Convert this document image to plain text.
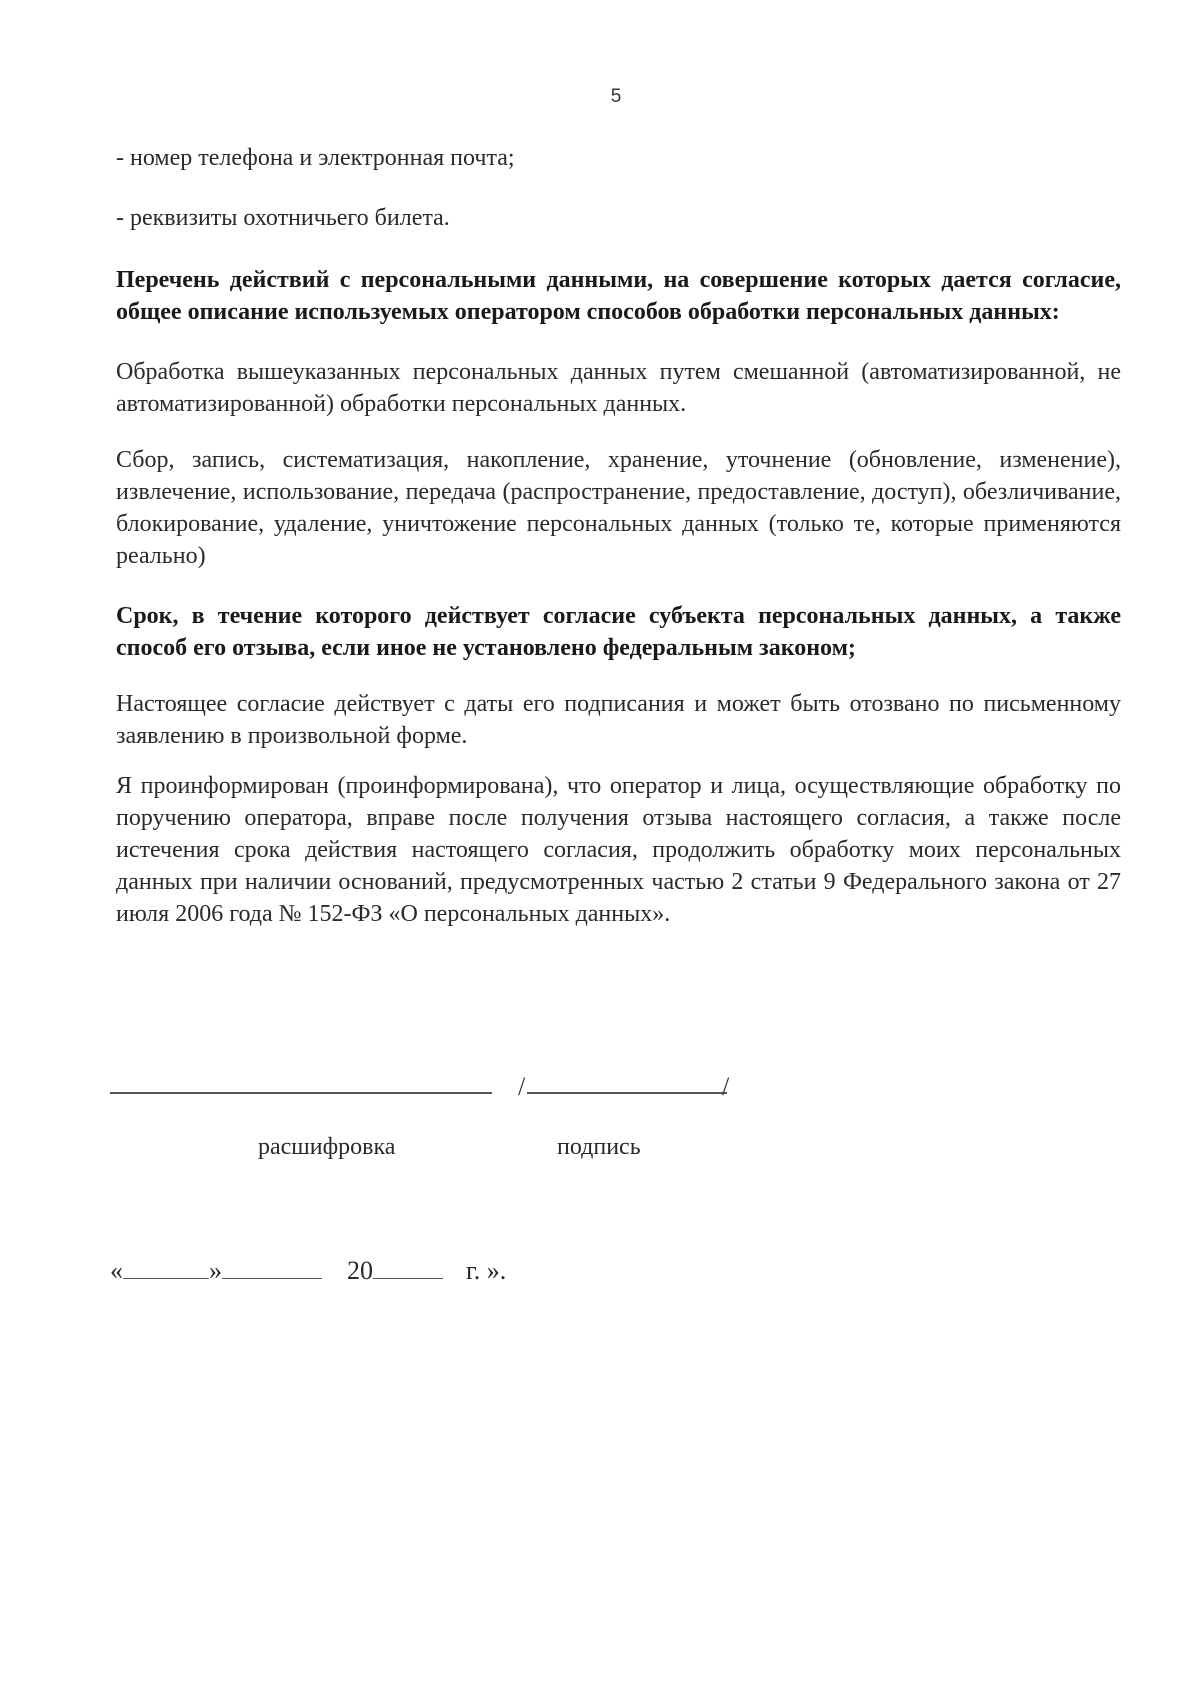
5

- номер телефона и электронная почта;

- реквизиты охотничьего билета.

Перечень действий с персональными данными, на совершение которых дается согласие, общее описание используемых оператором способов обработки персональных данных:

Обработка вышеуказанных персональных данных путем смешанной (автоматизированной, не автоматизированной) обработки персональных данных.

Сбор, запись, систематизация, накопление, хранение, уточнение (обновление, изменение), извлечение, использование, передача (распространение, предоставление, доступ), обезличивание, блокирование, удаление, уничтожение персональных данных (только те, которые применяются реально)

Срок, в течение которого действует согласие субъекта персональных данных, а также способ его отзыва, если иное не установлено федеральным законом;

Настоящее согласие действует с даты его подписания и может быть отозвано по письменному заявлению в произвольной форме.

Я проинформирован (проинформирована), что оператор и лица, осуществляющие обработку по поручению оператора, вправе после получения отзыва настоящего согласия, а также после истечения срока действия настоящего согласия, продолжить обработку моих персональных данных при наличии оснований, предусмотренных частью 2 статьи 9 Федерального закона от 27 июля 2006 года № 152-ФЗ «О персональных данных».

/	/
расшифровка	подпись
«	»	20	г. ».
